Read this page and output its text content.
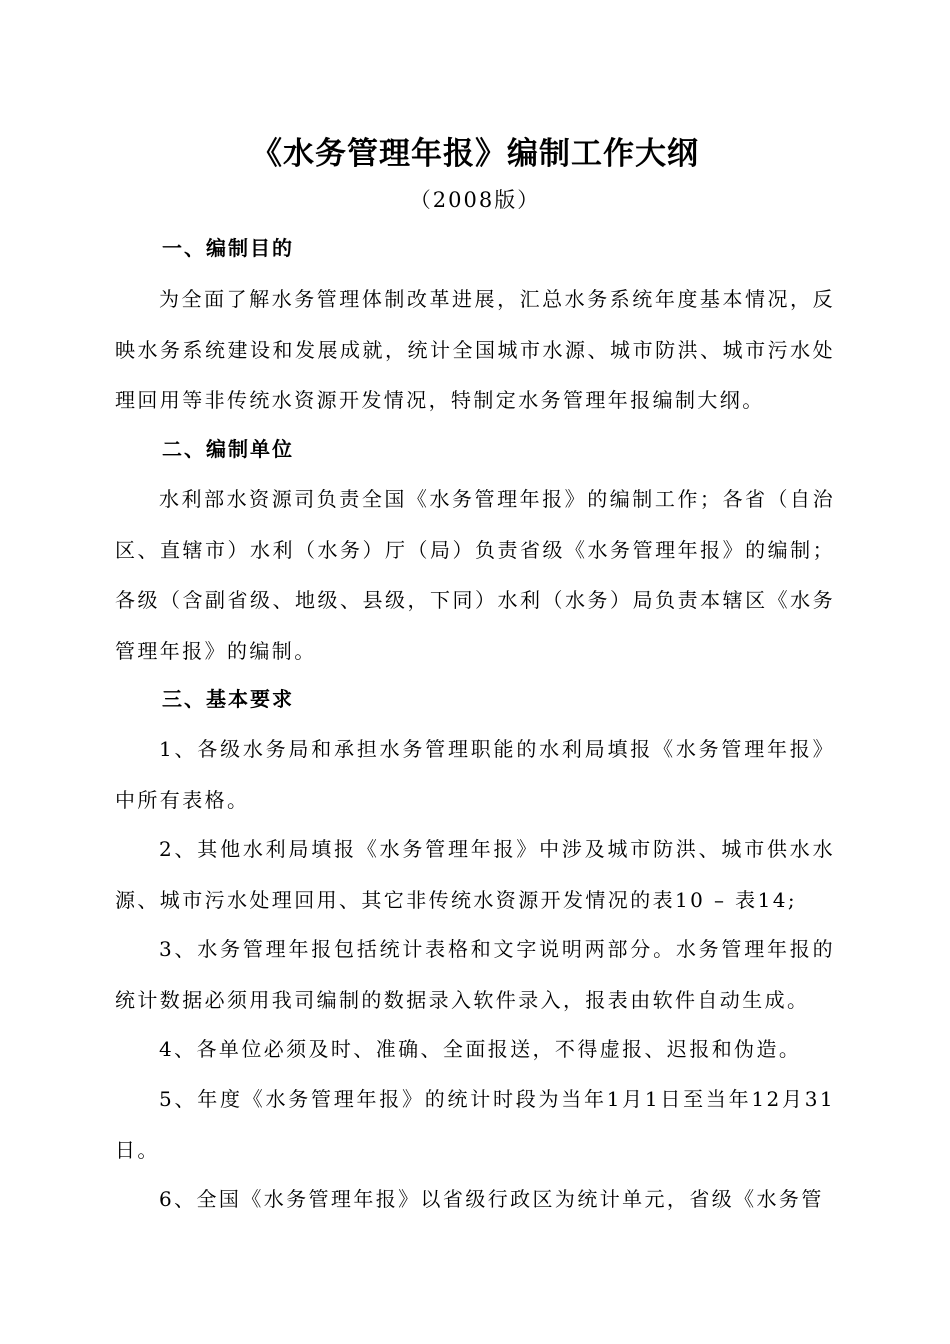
《水务管理年报》编制工作大纲
（2008版）
一、编制目的

为全面了解水务管理体制改革进展，汇总水务系统年度基本情况，反映水务系统建设和发展成就，统计全国城市水源、城市防洪、城市污水处理回用等非传统水资源开发情况，特制定水务管理年报编制大纲。

二、编制单位

水利部水资源司负责全国《水务管理年报》的编制工作；各省（自治区、直辖市）水利（水务）厅（局）负责省级《水务管理年报》的编制；各级（含副省级、地级、县级，下同）水利（水务）局负责本辖区《水务管理年报》的编制。

三、基本要求

1、各级水务局和承担水务管理职能的水利局填报《水务管理年报》中所有表格。

2、其他水利局填报《水务管理年报》中涉及城市防洪、城市供水水源、城市污水处理回用、其它非传统水资源开发情况的表10 – 表14;

3、水务管理年报包括统计表格和文字说明两部分。水务管理年报的统计数据必须用我司编制的数据录入软件录入，报表由软件自动生成。

4、各单位必须及时、准确、全面报送，不得虚报、迟报和伪造。

5、年度《水务管理年报》的统计时段为当年1月1日至当年12月31日。

6、全国《水务管理年报》以省级行政区为统计单元，省级《水务管
